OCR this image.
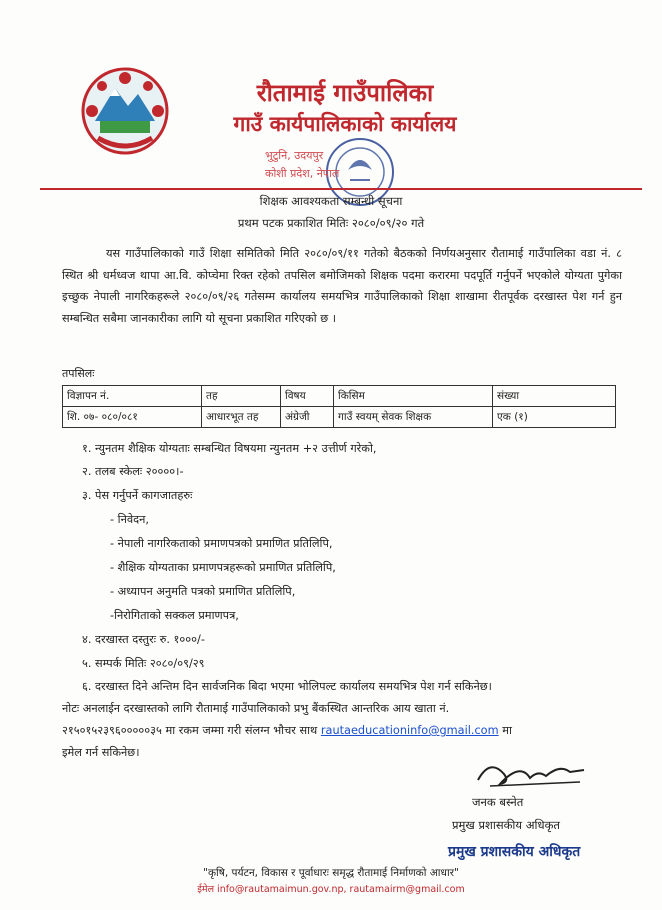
रौतामाई गाउँपालिका
गाउँ कार्यपालिकाको कार्यालय
भुटुनि, उदयपुर
कोशी प्रदेश, नेपाल
शिक्षक आवश्यकता सम्बन्धी सूचना
प्रथम पटक प्रकाशित मितिः २०८०/०९/२० गते

यस गाउँपालिकाको गाउँ शिक्षा समितिको मिति २०८०/०९/११ गतेको बैठकको निर्णयअनुसार रौतामाई गाउँपालिका वडा नं. ८ स्थित श्री धर्मध्वज थापा आ.वि. कोप्चेमा रिक्त रहेको तपसिल बमोजिमको शिक्षक पदमा करारमा पदपूर्ति गर्नुपर्ने भएकोले योग्यता पुगेका इच्छुक नेपाली नागरिकहरूले २०८०/०९/२६ गतेसम्म कार्यालय समयभित्र गाउँपालिकाको शिक्षा शाखामा रीतपूर्वक दरखास्त पेश गर्न हुन सम्बन्धित सबैमा जानकारीका लागि यो सूचना प्रकाशित गरिएको छ ।

तपसिलः
विज्ञापन नं.	तह	विषय	किसिम	संख्या
शि. ०७- ०८०/०८१	आधारभूत तह	अंग्रेजी	गाउँ स्वयम् सेवक शिक्षक	एक (१)
१. न्युनतम शैक्षिक योग्यताः सम्बन्धित विषयमा न्युनतम +२ उत्तीर्ण गरेको,
२. तलब स्केलः २००००।-
३. पेस गर्नुपर्ने कागजातहरुः
- निवेदन,
- नेपाली नागरिकताको प्रमाणपत्रको प्रमाणित प्रतिलिपि,
- शैक्षिक योग्यताका प्रमाणपत्रहरूको प्रमाणित प्रतिलिपि,
- अध्यापन अनुमति पत्रको प्रमाणित प्रतिलिपि,
-निरोगिताको सक्कल प्रमाणपत्र,
४. दरखास्त दस्तुरः रु. १०००/-
५. सम्पर्क मितिः २०८०/०९/२९
६. दरखास्त दिने अन्तिम दिन सार्वजनिक बिदा भएमा भोलिपल्ट कार्यालय समयभित्र पेश गर्न सकिनेछ।
नोटः अनलाईन दरखास्तको लागि रौतामाई गाउँपालिकाको प्रभु बैंकस्थित आन्तरिक आय खाता नं.
२१५०१५२३९६०००००३५ मा रकम जम्मा गरी संलग्न भौचर साथ rautaeducationinfo@gmail.com मा
इमेल गर्न सकिनेछ।
जनक बस्नेत
प्रमुख प्रशासकीय अधिकृत
प्रमुख प्रशासकीय अधिकृत
"कृषि, पर्यटन, विकास र पूर्वाधारः समृद्ध रौतामाई निर्माणको आधार"
ईमेल info@rautamaimun.gov.np, rautamairm@gmail.com
